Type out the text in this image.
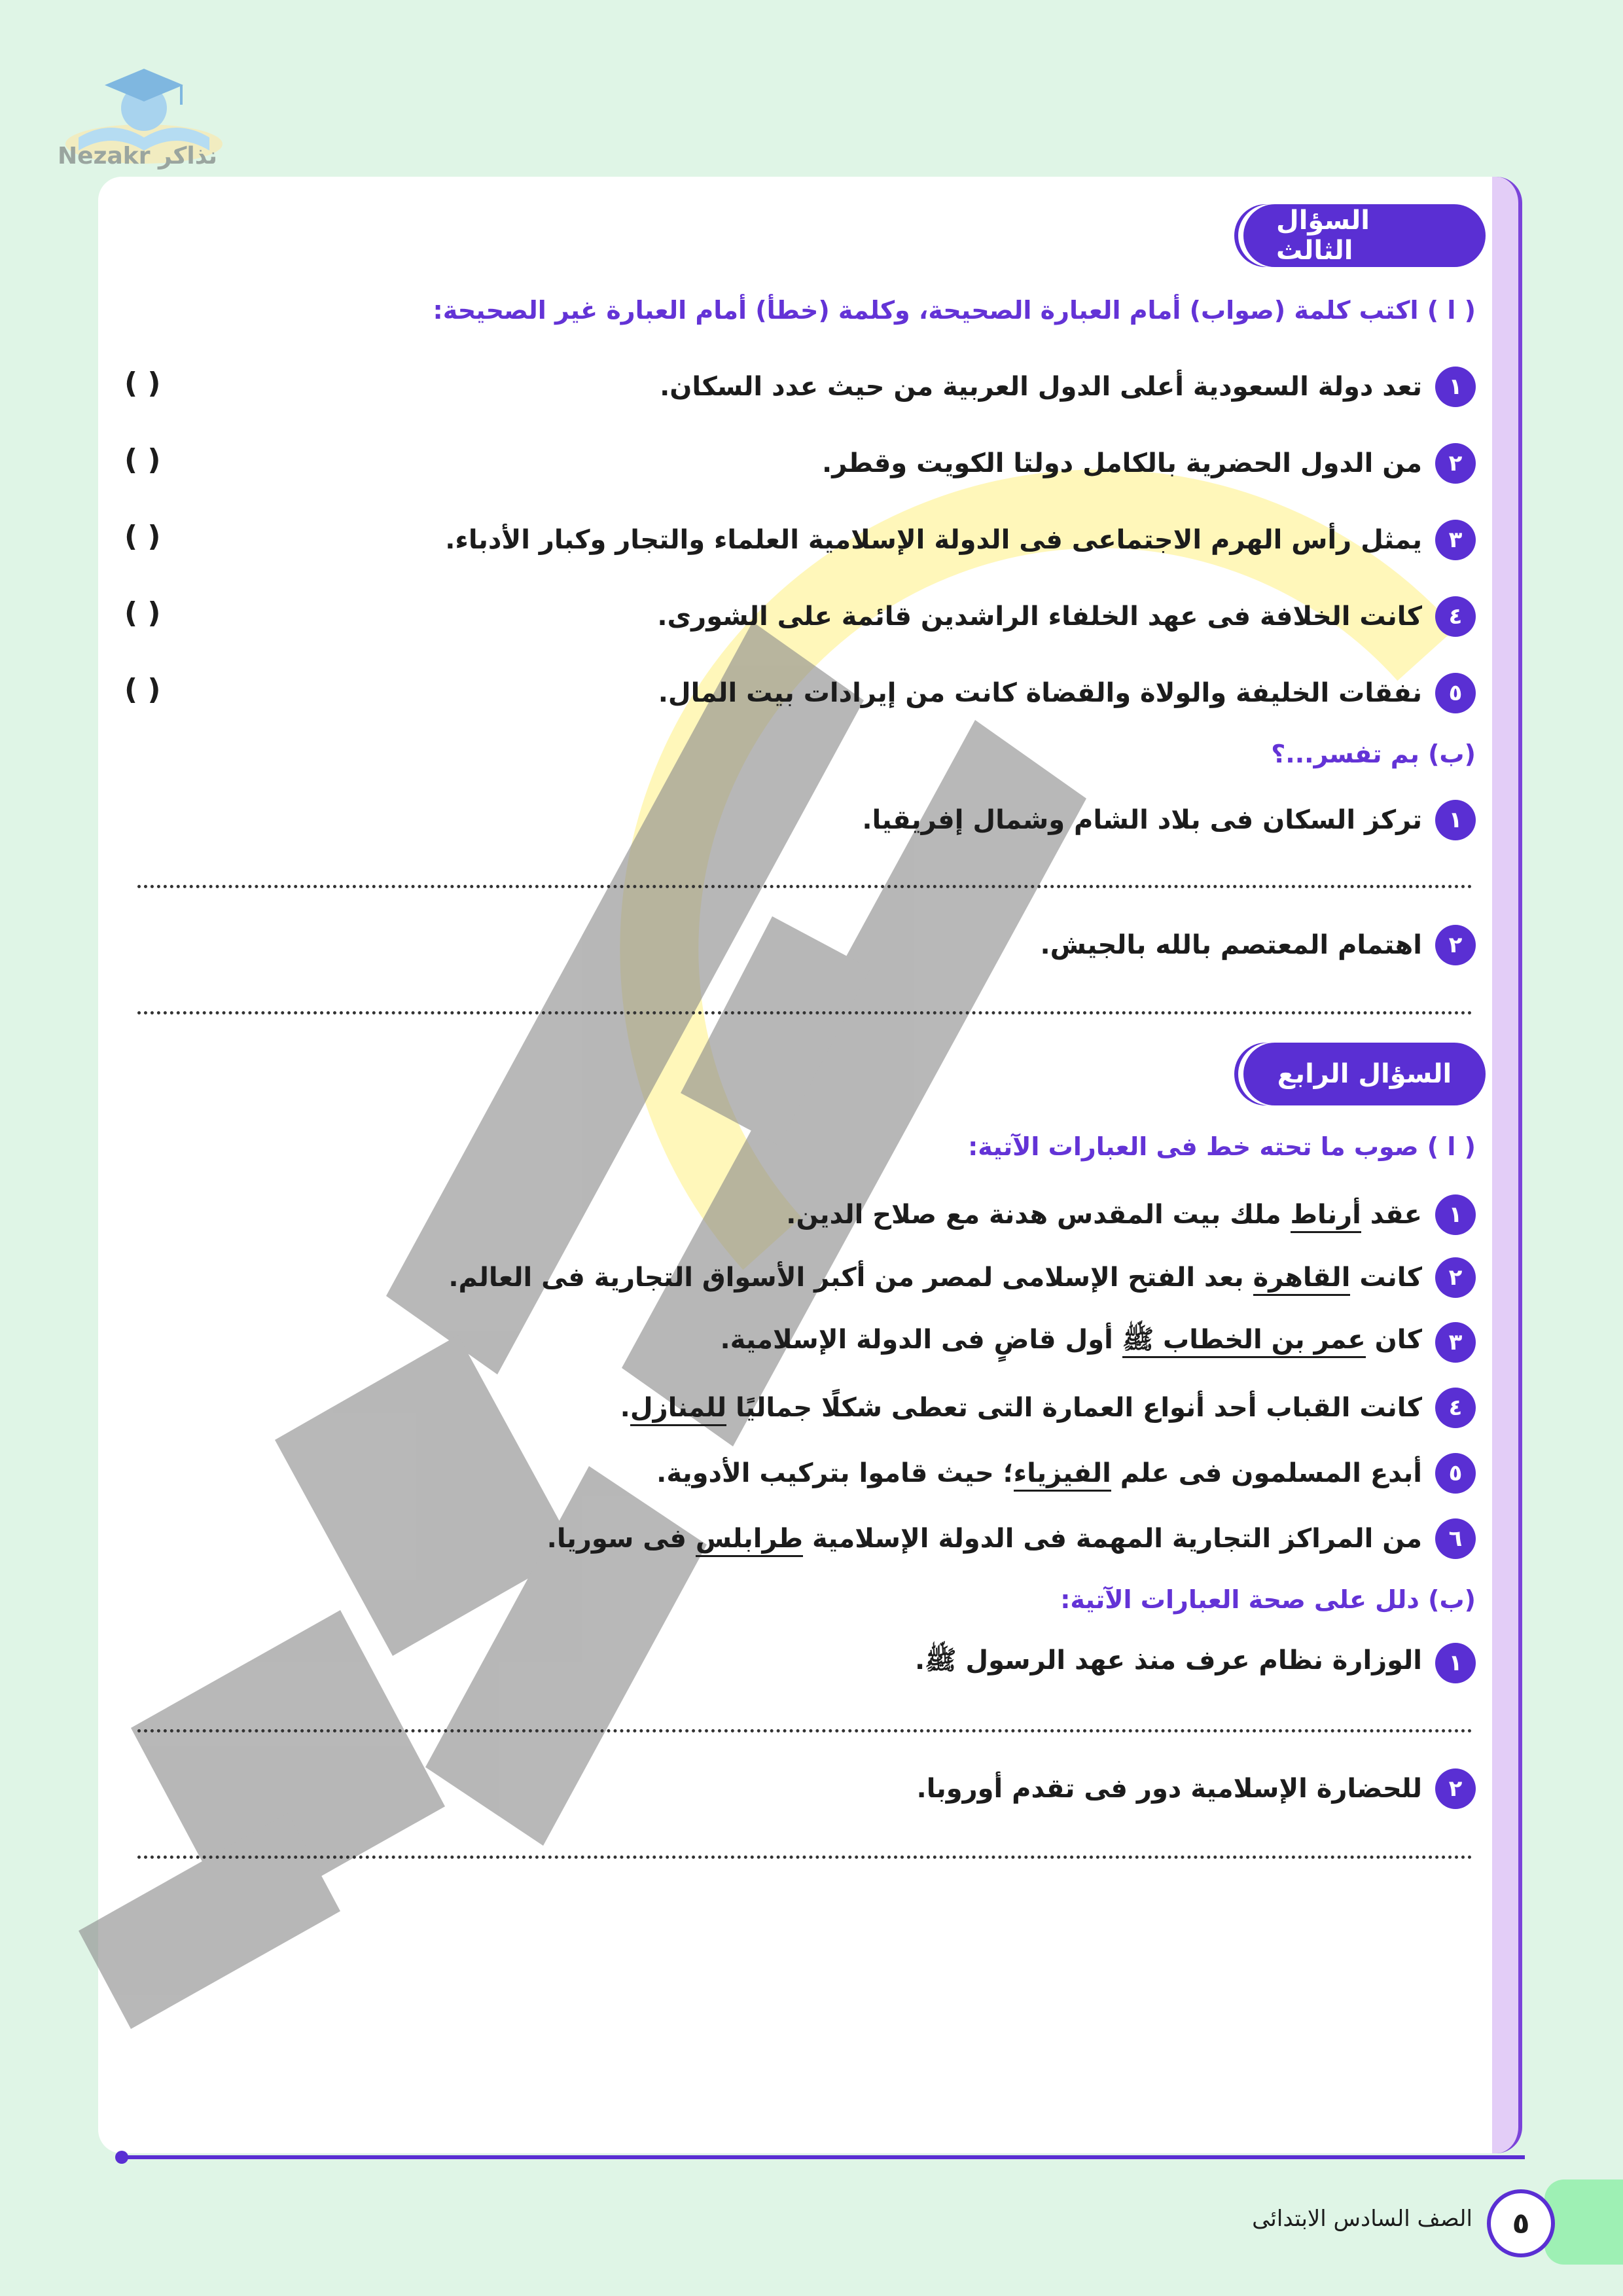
Nezakr نذاكر
السؤال الثالث
( ا ) اكتب كلمة (صواب) أمام العبارة الصحيحة، وكلمة (خطأ) أمام العبارة غير الصحيحة:
١
تعد دولة السعودية أعلى الدول العربية من حيث عدد السكان.
( )
٢
من الدول الحضرية بالكامل دولتا الكويت وقطر.
( )
٣
يمثل رأس الهرم الاجتماعى فى الدولة الإسلامية العلماء والتجار وكبار الأدباء.
( )
٤
كانت الخلافة فى عهد الخلفاء الراشدين قائمة على الشورى.
( )
٥
نفقات الخليفة والولاة والقضاة كانت من إيرادات بيت المال.
( )
(ب) بم تفسر...؟
١
تركز السكان فى بلاد الشام وشمال إفريقيا.
٢
اهتمام المعتصم بالله بالجيش.
السؤال الرابع
( ا ) صوب ما تحته خط فى العبارات الآتية:
١
عقد أرناط ملك بيت المقدس هدنة مع صلاح الدين.
٢
كانت القاهرة بعد الفتح الإسلامى لمصر من أكبر الأسواق التجارية فى العالم.
٣
كان عمر بن الخطاب ﷺ أول قاضٍ فى الدولة الإسلامية.
٤
كانت القباب أحد أنواع العمارة التى تعطى شكلًا جماليًا للمنازل.
٥
أبدع المسلمون فى علم الفيزياء؛ حيث قاموا بتركيب الأدوية.
٦
من المراكز التجارية المهمة فى الدولة الإسلامية طرابلس فى سوريا.
(ب) دلل على صحة العبارات الآتية:
١
الوزارة نظام عرف منذ عهد الرسول ﷺ.
٢
للحضارة الإسلامية دور فى تقدم أوروبا.
٥
الصف السادس الابتدائى
